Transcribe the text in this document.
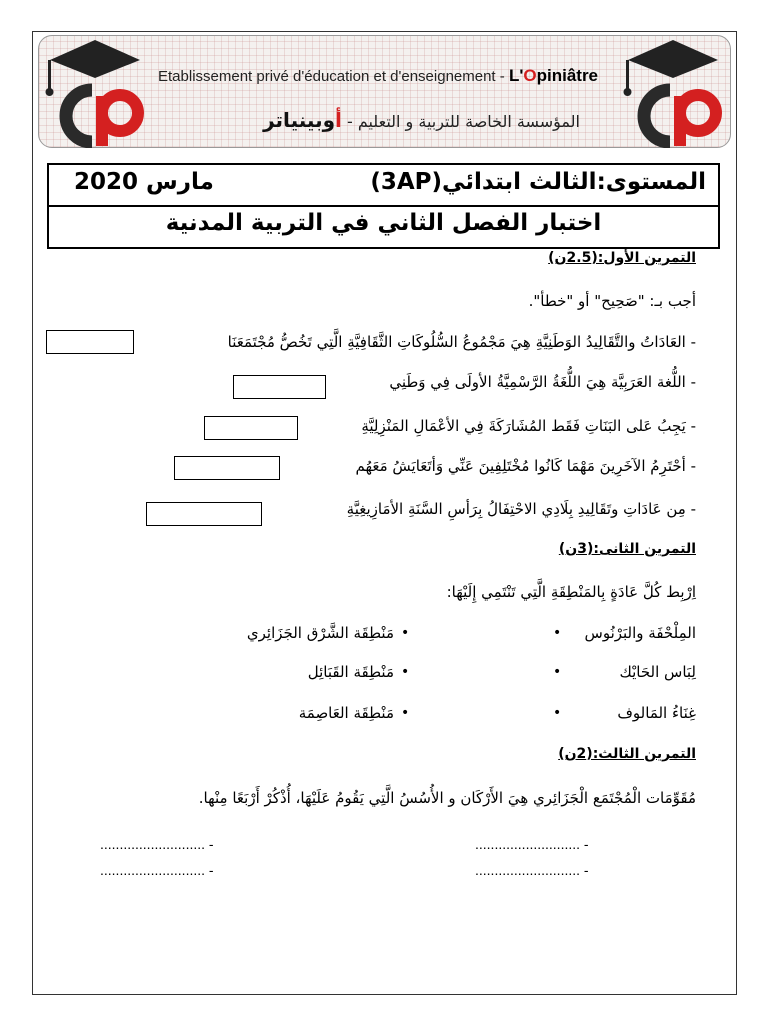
Etablissement privé d'éducation et d'enseignement - L'Opiniâtre
المؤسسة الخاصة للتربية و التعليم - أوبينياتر
المستوى:الثالث ابتدائي(3AP)
مارس 2020
اختبار الفصل الثاني في التربية المدنية
التمرين الأول:(2.5ن)
أجب بـ: "صَحِيح" أو "خطأ".
- العَادَاتُ والتَّقَالِيدُ الوَطَنِيَّةِ هِيَ مَجْمُوعُ السُّلُوكَاتِ الثَّقَافِيَّةِ الَّتِي تَخُصُّ مُجْتَمَعَنَا
- اللُّغة العَرَبِيَّة هِيَ اللُّغَةُ الرَّسْمِيَّةُ الأولَى فِي وَطَنِي
- يَجِبُ عَلى البَنَاتِ فَقَط المُشَارَكَةَ فِي الأعْمَالِ المَنْزِلِيَّةِ
- أحْتَرِمُ الآخَرِينَ مَهْمَا كَانُوا مُخْتَلِفِينَ عَنِّي وَأتَعَايَشُ مَعَهُم
- مِن عَادَاتِ وتَقَالِيدِ بِلَادِي الاحْتِفَالُ بِرَأسِ السَّنَةِ الأمَازِيغِيَّةِ
التمرين الثانى:(3ن)
اِرْبِط كُلَّ عَادَةٍ بِالمَنْطِقَةِ الَّتِي تَنْتَمِي إِلَيْهَا:
المِلْحْفَة والبَرْنُوس
•
لِبَاس الحَايْك
•
غِنَاءُ المَالوف
•
•
مَنْطِقَة الشَّرْق الجَزَائِري
•
مَنْطِقَة القَبَائِل
•
مَنْطِقَة العَاصِمَة
التمرين الثالث:(2ن)
مُقَوِّمَات الْمُجْتَمَع الْجَزَائِري هِيَ الأَرْكَان و الأُسُسُ الَّتِي يَقُومُ عَلَيْهَا، أُذْكُرْ أَرْبَعًا مِنْها.
........................... -
........................... -
........................... -
........................... -
